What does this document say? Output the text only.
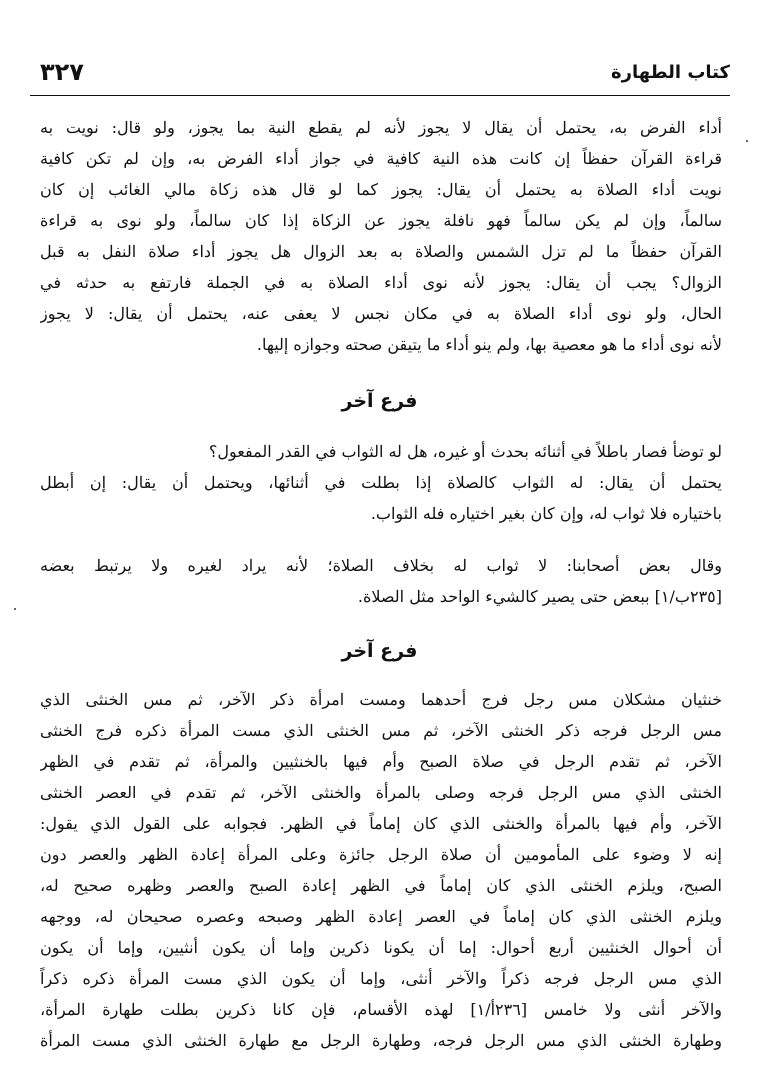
٣٢٧	كتاب الطهارة
أداء الفرض به، يحتمل أن يقال لا يجوز لأنه لم يقطع النية بما يجوز، ولو قال: نويت به
قراءة القرآن حفظاً إن كانت هذه النية كافية في جواز أداء الفرض به، وإن لم تكن كافية
نويت أداء الصلاة به يحتمل أن يقال: يجوز كما لو قال هذه زكاة مالي الغائب إن كان
سالماً، وإن لم يكن سالماً فهو نافلة يجوز عن الزكاة إذا كان سالماً، ولو نوى به قراءة
القرآن حفظاً ما لم تزل الشمس والصلاة به بعد الزوال هل يجوز أداء صلاة النفل به قبل
الزوال؟ يجب أن يقال: يجوز لأنه نوى أداء الصلاة به في الجملة فارتفع به حدثه في
الحال، ولو نوى أداء الصلاة به في مكان نجس لا يعفى عنه، يحتمل أن يقال: لا يجوز
لأنه نوى أداء ما هو معصية بها، ولم ينو أداء ما يتيقن صحته وجوازه إليها.
فرع آخر
لو توضأ فصار باطلاً في أثنائه بحدث أو غيره، هل له الثواب في القدر المفعول؟
يحتمل أن يقال: له الثواب كالصلاة إذا بطلت في أثنائها، ويحتمل أن يقال: إن أبطل
باختياره فلا ثواب له، وإن كان بغير اختياره فله الثواب.
وقال بعض أصحابنا: لا ثواب له بخلاف الصلاة؛ لأنه يراد لغيره ولا يرتبط بعضه
[٢٣٥ب/١] ببعض حتى يصير كالشيء الواحد مثل الصلاة.
فرع آخر
خنثيان مشكلان مس رجل فرج أحدهما ومست امرأة ذكر الآخر، ثم مس الخنثى الذي
مس الرجل فرجه ذكر الخنثى الآخر، ثم مس الخنثى الذي مست المرأة ذكره فرج الخنثى
الآخر، ثم تقدم الرجل في صلاة الصبح وأم فيها بالخنثيين والمرأة، ثم تقدم في الظهر
الخنثى الذي مس الرجل فرجه وصلى بالمرأة والخنثى الآخر، ثم تقدم في العصر الخنثى
الآخر، وأم فيها بالمرأة والخنثى الذي كان إماماً في الظهر. فجوابه على القول الذي يقول:
إنه لا وضوء على المأمومين أن صلاة الرجل جائزة وعلى المرأة إعادة الظهر والعصر دون
الصبح، ويلزم الخنثى الذي كان إماماً في الظهر إعادة الصبح والعصر وظهره صحيح له،
ويلزم الخنثى الذي كان إماماً في العصر إعادة الظهر وصبحه وعصره صحيحان له، ووجهه
أن أحوال الخنثيين أربع أحوال: إما أن يكونا ذكرين وإما أن يكون أنثيين، وإما أن يكون
الذي مس الرجل فرجه ذكراً والآخر أنثى، وإما أن يكون الذي مست المرأة ذكره ذكراً
والآخر أنثى ولا خامس [٢٣٦أ/١] لهذه الأقسام، فإن كانا ذكرين بطلت طهارة المرأة،
وطهارة الخنثى الذي مس الرجل فرجه، وطهارة الرجل مع طهارة الخنثى الذي مست المرأة
